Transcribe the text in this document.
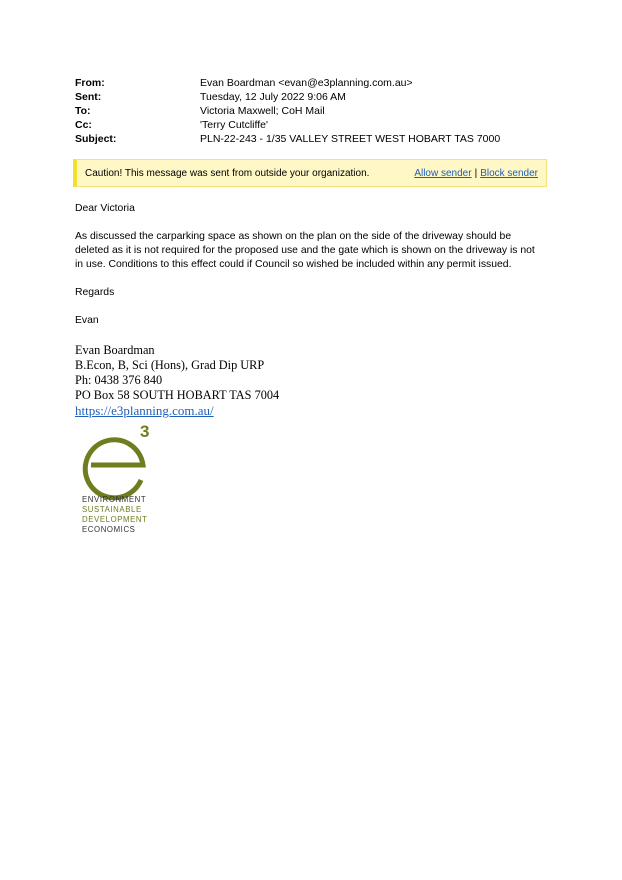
From:	Evan Boardman <evan@e3planning.com.au>
Sent:	Tuesday, 12 July 2022 9:06 AM
To:	Victoria Maxwell; CoH Mail
Cc:	'Terry Cutcliffe'
Subject:	PLN-22-243 - 1/35 VALLEY STREET WEST HOBART TAS 7000
Caution! This message was sent from outside your organization.	Allow sender | Block sender
Dear Victoria
As discussed the carparking space as shown on the plan on the side of the driveway should be
deleted as it is not required for the proposed use and the gate which is shown on the driveway is not
in use. Conditions to this effect could if Council so wished be included within any permit issued.
Regards
Evan
Evan Boardman
B.Econ, B, Sci (Hons), Grad Dip URP
Ph: 0438 376 840
PO Box 58 SOUTH HOBART TAS 7004
https://e3planning.com.au/
3
ENVIRONMENT
SUSTAINABLE
DEVELOPMENT
ECONOMICS
